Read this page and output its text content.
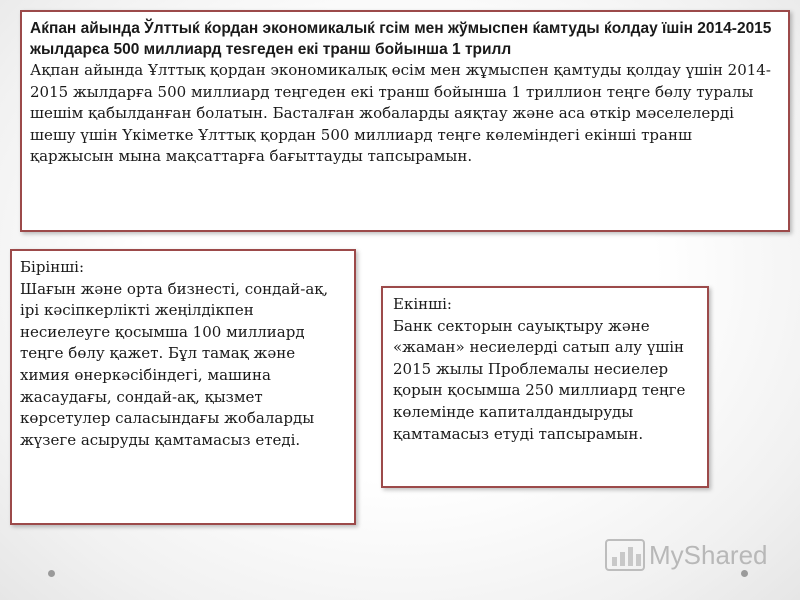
Аќпан айында Ўлттыќ ќордан экономикалыќ гсім мен жўмыспен ќамтуды ќолдау їшін 2014-2015 жылдарєа 500 миллиард теѕгеден екі транш бойынша 1 трилл

Ақпан айында Ұлттық қордан экономикалық өсім мен жұмыспен қамтуды қолдау үшін 2014-2015 жылдарға 500 миллиард теңгеден екі транш бойынша 1 триллион теңге бөлу туралы шешім қабылданған болатын. Басталған жобаларды аяқтау және аса өткір мәселелерді шешу үшін Үкіметке Ұлттық қордан 500 миллиард теңге көлеміндегі екінші транш қаржысын мына мақсаттарға бағыттауды тапсырамын.

Бірінші:

Шағын және орта бизнесті, сондай-ақ, ірі кәсіпкерлікті жеңілдікпен несиелеуге қосымша 100 миллиард теңге бөлу қажет. Бұл тамақ және химия өнеркәсібіндегі, машина жасаудағы, сондай-ақ, қызмет көрсетулер саласындағы жобаларды жүзеге асыруды қамтамасыз етеді.

Екінші:

Банк секторын сауықтыру және «жаман» несиелерді сатып алу үшін 2015 жылы Проблемалы несиелер қорын қосымша 250 миллиард теңге көлемінде капиталдандыруды қамтамасыз етуді тапсырамын.

MyShared
